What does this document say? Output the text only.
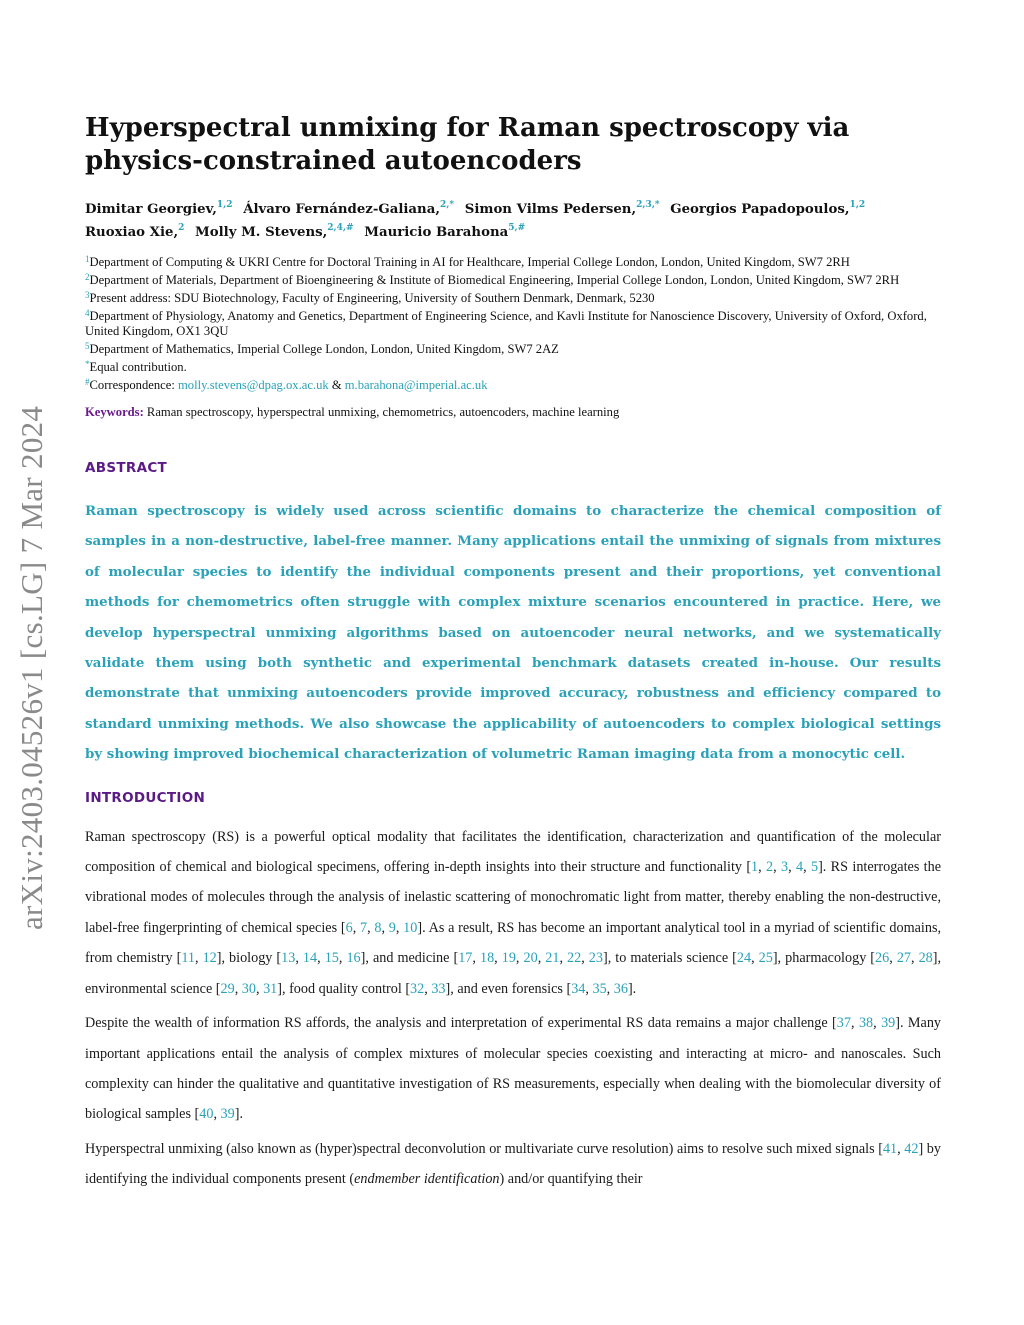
arXiv:2403.04526v1 [cs.LG] 7 Mar 2024
Hyperspectral unmixing for Raman spectroscopy via physics-constrained autoencoders
Dimitar Georgiev,$^{1,2}$ Álvaro Fernández-Galiana,$^{2,*}$ Simon Vilms Pedersen,$^{2,3,*}$ Georgios Papadopoulos,$^{1,2}$ Ruoxiao Xie,$^2$ Molly M. Stevens,$^{2,4,\#}$ Mauricio Barahona$^{5,\#}$
$^1$Department of Computing & UKRI Centre for Doctoral Training in AI for Healthcare, Imperial College London, London, United Kingdom, SW7 2RH
$^2$Department of Materials, Department of Bioengineering & Institute of Biomedical Engineering, Imperial College London, London, United Kingdom, SW7 2RH
$^3$Present address: SDU Biotechnology, Faculty of Engineering, University of Southern Denmark, Denmark, 5230
$^4$Department of Physiology, Anatomy and Genetics, Department of Engineering Science, and Kavli Institute for Nanoscience Discovery, University of Oxford, Oxford, United Kingdom, OX1 3QU
$^5$Department of Mathematics, Imperial College London, London, United Kingdom, SW7 2AZ
*Equal contribution.
#Correspondence: molly.stevens@dpag.ox.ac.uk & m.barahona@imperial.ac.uk
Keywords: Raman spectroscopy, hyperspectral unmixing, chemometrics, autoencoders, machine learning
ABSTRACT
Raman spectroscopy is widely used across scientific domains to characterize the chemical composition of samples in a non-destructive, label-free manner. Many applications entail the unmixing of signals from mixtures of molecular species to identify the individual components present and their proportions, yet conventional methods for chemometrics often struggle with complex mixture scenarios encountered in practice. Here, we develop hyperspectral unmixing algorithms based on autoencoder neural networks, and we systematically validate them using both synthetic and experimental benchmark datasets created in-house. Our results demonstrate that unmixing autoencoders provide improved accuracy, robustness and efficiency compared to standard unmixing methods. We also showcase the applicability of autoencoders to complex biological settings by showing improved biochemical characterization of volumetric Raman imaging data from a monocytic cell.
INTRODUCTION

Raman spectroscopy (RS) is a powerful optical modality that facilitates the identification, characterization and quantification of the molecular composition of chemical and biological specimens, offering in-depth insights into their structure and functionality [1, 2, 3, 4, 5]. RS interrogates the vibrational modes of molecules through the analysis of inelastic scattering of monochromatic light from matter, thereby enabling the non-destructive, label-free fingerprinting of chemical species [6, 7, 8, 9, 10]. As a result, RS has become an important analytical tool in a myriad of scientific domains, from chemistry [11, 12], biology [13, 14, 15, 16], and medicine [17, 18, 19, 20, 21, 22, 23], to materials science [24, 25], pharmacology [26, 27, 28], environmental science [29, 30, 31], food quality control [32, 33], and even forensics [34, 35, 36].

Despite the wealth of information RS affords, the analysis and interpretation of experimental RS data remains a major challenge [37, 38, 39]. Many important applications entail the analysis of complex mixtures of molecular species coexisting and interacting at micro- and nanoscales. Such complexity can hinder the qualitative and quantitative investigation of RS measurements, especially when dealing with the biomolecular diversity of biological samples [40, 39].

Hyperspectral unmixing (also known as (hyper)spectral deconvolution or multivariate curve resolution) aims to resolve such mixed signals [41, 42] by identifying the individual components present (endmember identification) and/or quantifying their
